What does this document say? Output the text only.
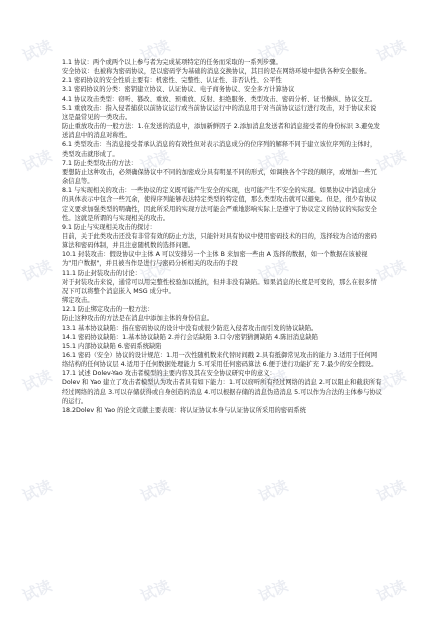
试读	试读	试读	试读
试读	试读	试读	试读
试读	试读	试读	试读
试读	试读	试读	试读
试读	试读	试读	试读
试读	试读	试读	试读

1.1 协议：两个或两个以上参与者为完成某项特定的任务而采取的一系列步骤。

安全协议：也被称为密码协议，是以密码学为基础的消息交换协议，其目的是在网络环境中提供各种安全服务。

2.1 密码协议的安全性质主要有：机密性、完整性、认证性、非否认性、公平性

3.1 密码协议的分类：密钥建立协议、认证协议、电子商务协议、安全多方计算协议

4.1 协议攻击类型：窃听、篡改、重放、预重放、反射、拒绝服务、类型攻击、密码分析、证书操纵、协议交互。

5.1 重放攻击：指入侵者捕获以前协议运行或当前协议运行中的消息用于对当前协议运行进行攻击，对于协议来说这是最常见的一类攻击。

防止重放攻击的一般方法：1.在发送的消息中，添加新鲜因子 2.添加消息发送者和消息接受者的身份标识 3.避免发送消息中的消息对称性。

6.1 类型攻击：当消息接受者承认消息的有效性但对表示消息成分的位序列的解释不同于建立该位序列的主体时，类型攻击就形成了。

7.1 防止类型攻击的方法：

要想防止这种攻击，必须确保协议中不同的加密成分具有明显不同的形式，如调换各个字段的顺序，或增加一些冗余信息等。

8.1 与实现相关的攻击：一些协议的定义既可能产生安全的实现，也可能产生不安全的实现。如果协议中消息成分的具体表示中包含一些冗余，使得序列能够表达特定类型的特定值，那么类型攻击就可以避免。但是，很少有协议定义要求加强类型的明确性，因此所采用的实现方法可能会严重地影响实际上是遵守了协议定义的协议的实际安全性。这就是所谓的与实现相关的攻击。

9.1 防止与实现相关攻击的探讨：

目前，关于此类攻击还没有非常有效的防止方法，只能针对具有协议中使用密码技术的目的，选择较为合适的密码算法和密码体制，并且注意随机数的选择问题。

10.1 封装攻击：假设协议中主体 A 可以安排另一个主体 B 来加密一些由 A 选择的数据，如一个数据在该被视为"用户数据"，并且被当作是进行与密码分析相关的攻击的手段

11.1 防止封装攻击的讨论：

对于封装攻击来说，通常可以用完整性校验加以抵抗，但并非没有缺陷。如果消息的长度是可变的，那么在很多情况下可以将整个消息嵌入 MSG 成分中。

绑定攻击。

12.1 防止绑定攻击的一般方法：

防止这种攻击的方法是在消息中添加主体的身份信息。

13.1 基本协议缺陷：指在密码协议的设计中没有或很少防范入侵者攻击而引发的协议缺陷。

14.1 密码协议缺陷：1.基本协议缺陷 2.并行会话缺陷 3.口令/密钥猜测缺陷 4.陈旧消息缺陷

15.1 内部协议缺陷 6.密码系统缺陷

16.1 密码（安全）协议的设计规范：1.用一次性随机数来代替时间戳 2.具有抵御常见攻击的能力 3.适用于任何网络结构的任何协议层 4.适用于任何数据处理能力 5.可采用任何密码算法 6.便于进行功能扩充 7.最少的安全假设。

17.1 试述 Dolev-Yao 攻击者模型的主要内容及其在安全协议研究中的意义：

Dolev 和 Yao 建立了攻击者模型认为攻击者具有如下能力：1.可以窃听所有经过网络的消息 2.可以阻止和截获所有经过网络的消息 3.可以存储获得或自身创造的消息 4.可以根据存储的消息伪造消息 5.可以作为合法的主体参与协议的运行。

18.2Dolev 和 Yao 的论文贡献主要表现：将认证协议本身与认证协议所采用的密码系统
